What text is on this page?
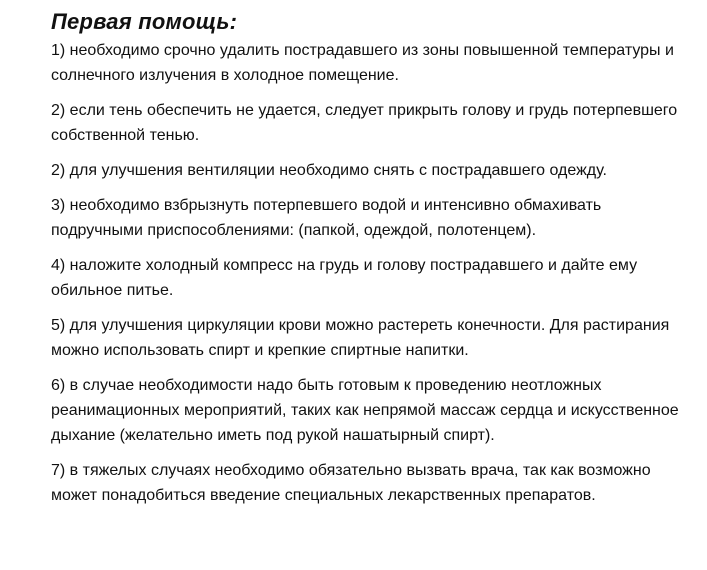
Первая помощь:

1) необходимо срочно удалить пострадавшего из зоны повышенной температуры и солнечного излучения в холодное помещение.

2) если тень обеспечить не удается, следует прикрыть голову и грудь потерпевшего собственной тенью.

2) для улучшения вентиляции необходимо снять с пострадавшего одежду.

3) необходимо взбрызнуть потерпевшего водой и интенсивно обмахивать подручными приспособлениями: (папкой, одеждой, полотенцем).

4) наложите холодный компресс на грудь и голову пострадавшего и дайте ему обильное питье.

5) для улучшения циркуляции крови можно растереть конечности. Для растирания можно использовать спирт и крепкие спиртные напитки.

6) в случае необходимости надо быть готовым к проведению неотложных реанимационных мероприятий, таких как непрямой массаж сердца и искусственное дыхание (желательно иметь под рукой нашатырный спирт).

7) в тяжелых случаях необходимо обязательно вызвать врача, так как возможно может понадобиться введение специальных лекарственных препаратов.
